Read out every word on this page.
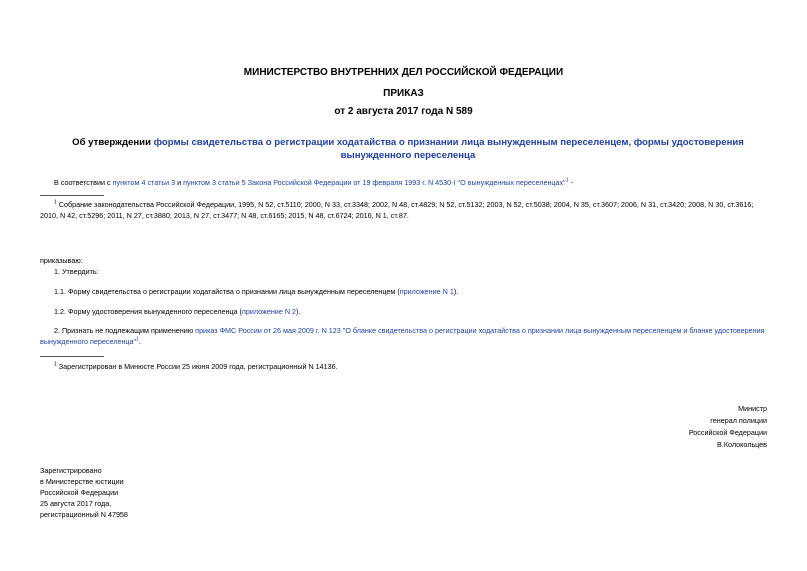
МИНИСТЕРСТВО ВНУТРЕННИХ ДЕЛ РОССИЙСКОЙ ФЕДЕРАЦИИ
ПРИКАЗ
от 2 августа 2017 года N 589
Об утверждении формы свидетельства о регистрации ходатайства о признании лица вынужденным переселенцем, формы удостоверения вынужденного переселенца
В соответствии с пунктом 4 статьи 3 и пунктом 3 статьи 5 Закона Российской Федерации от 19 февраля 1993 г. N 4530-I "О вынужденных переселенцах"$^1$ -
$^1$ Собрание законодательства Российской Федерации, 1995, N 52, ст.5110; 2000, N 33, ст.3348; 2002, N 48, ст.4829; N 52, ст.5132; 2003, N 52, ст.5038; 2004, N 35, ст.3607; 2006, N 31, ст.3420; 2008, N 30, ст.3616; 2010, N 42, ст.5296; 2011, N 27, ст.3880; 2013, N 27, ст.3477; N 48, ст.6165; 2015, N 48, ст.6724; 2016, N 1, ст.87.
приказываю:
1. Утвердить:
1.1. Форму свидетельства о регистрации ходатайства о признании лица вынужденным переселенцем (приложение N 1).
1.2. Форму удостоверения вынужденного переселенца (приложение N 2).
2. Признать не подлежащим применению приказ ФМС России от 26 мая 2009 г. N 123 "О бланке свидетельства о регистрации ходатайства о признании лица вынужденным переселенцем и бланке удостоверения вынужденного переселенца"$^1$.
$^1$ Зарегистрирован в Минюсте России 25 июня 2009 года, регистрационный N 14136.
Министр
генерал полиции
Российской Федерации
В.Колокольцев
Зарегистрировано
в Министерстве юстиции
Российской Федерации
25 августа 2017 года,
регистрационный N 47958
